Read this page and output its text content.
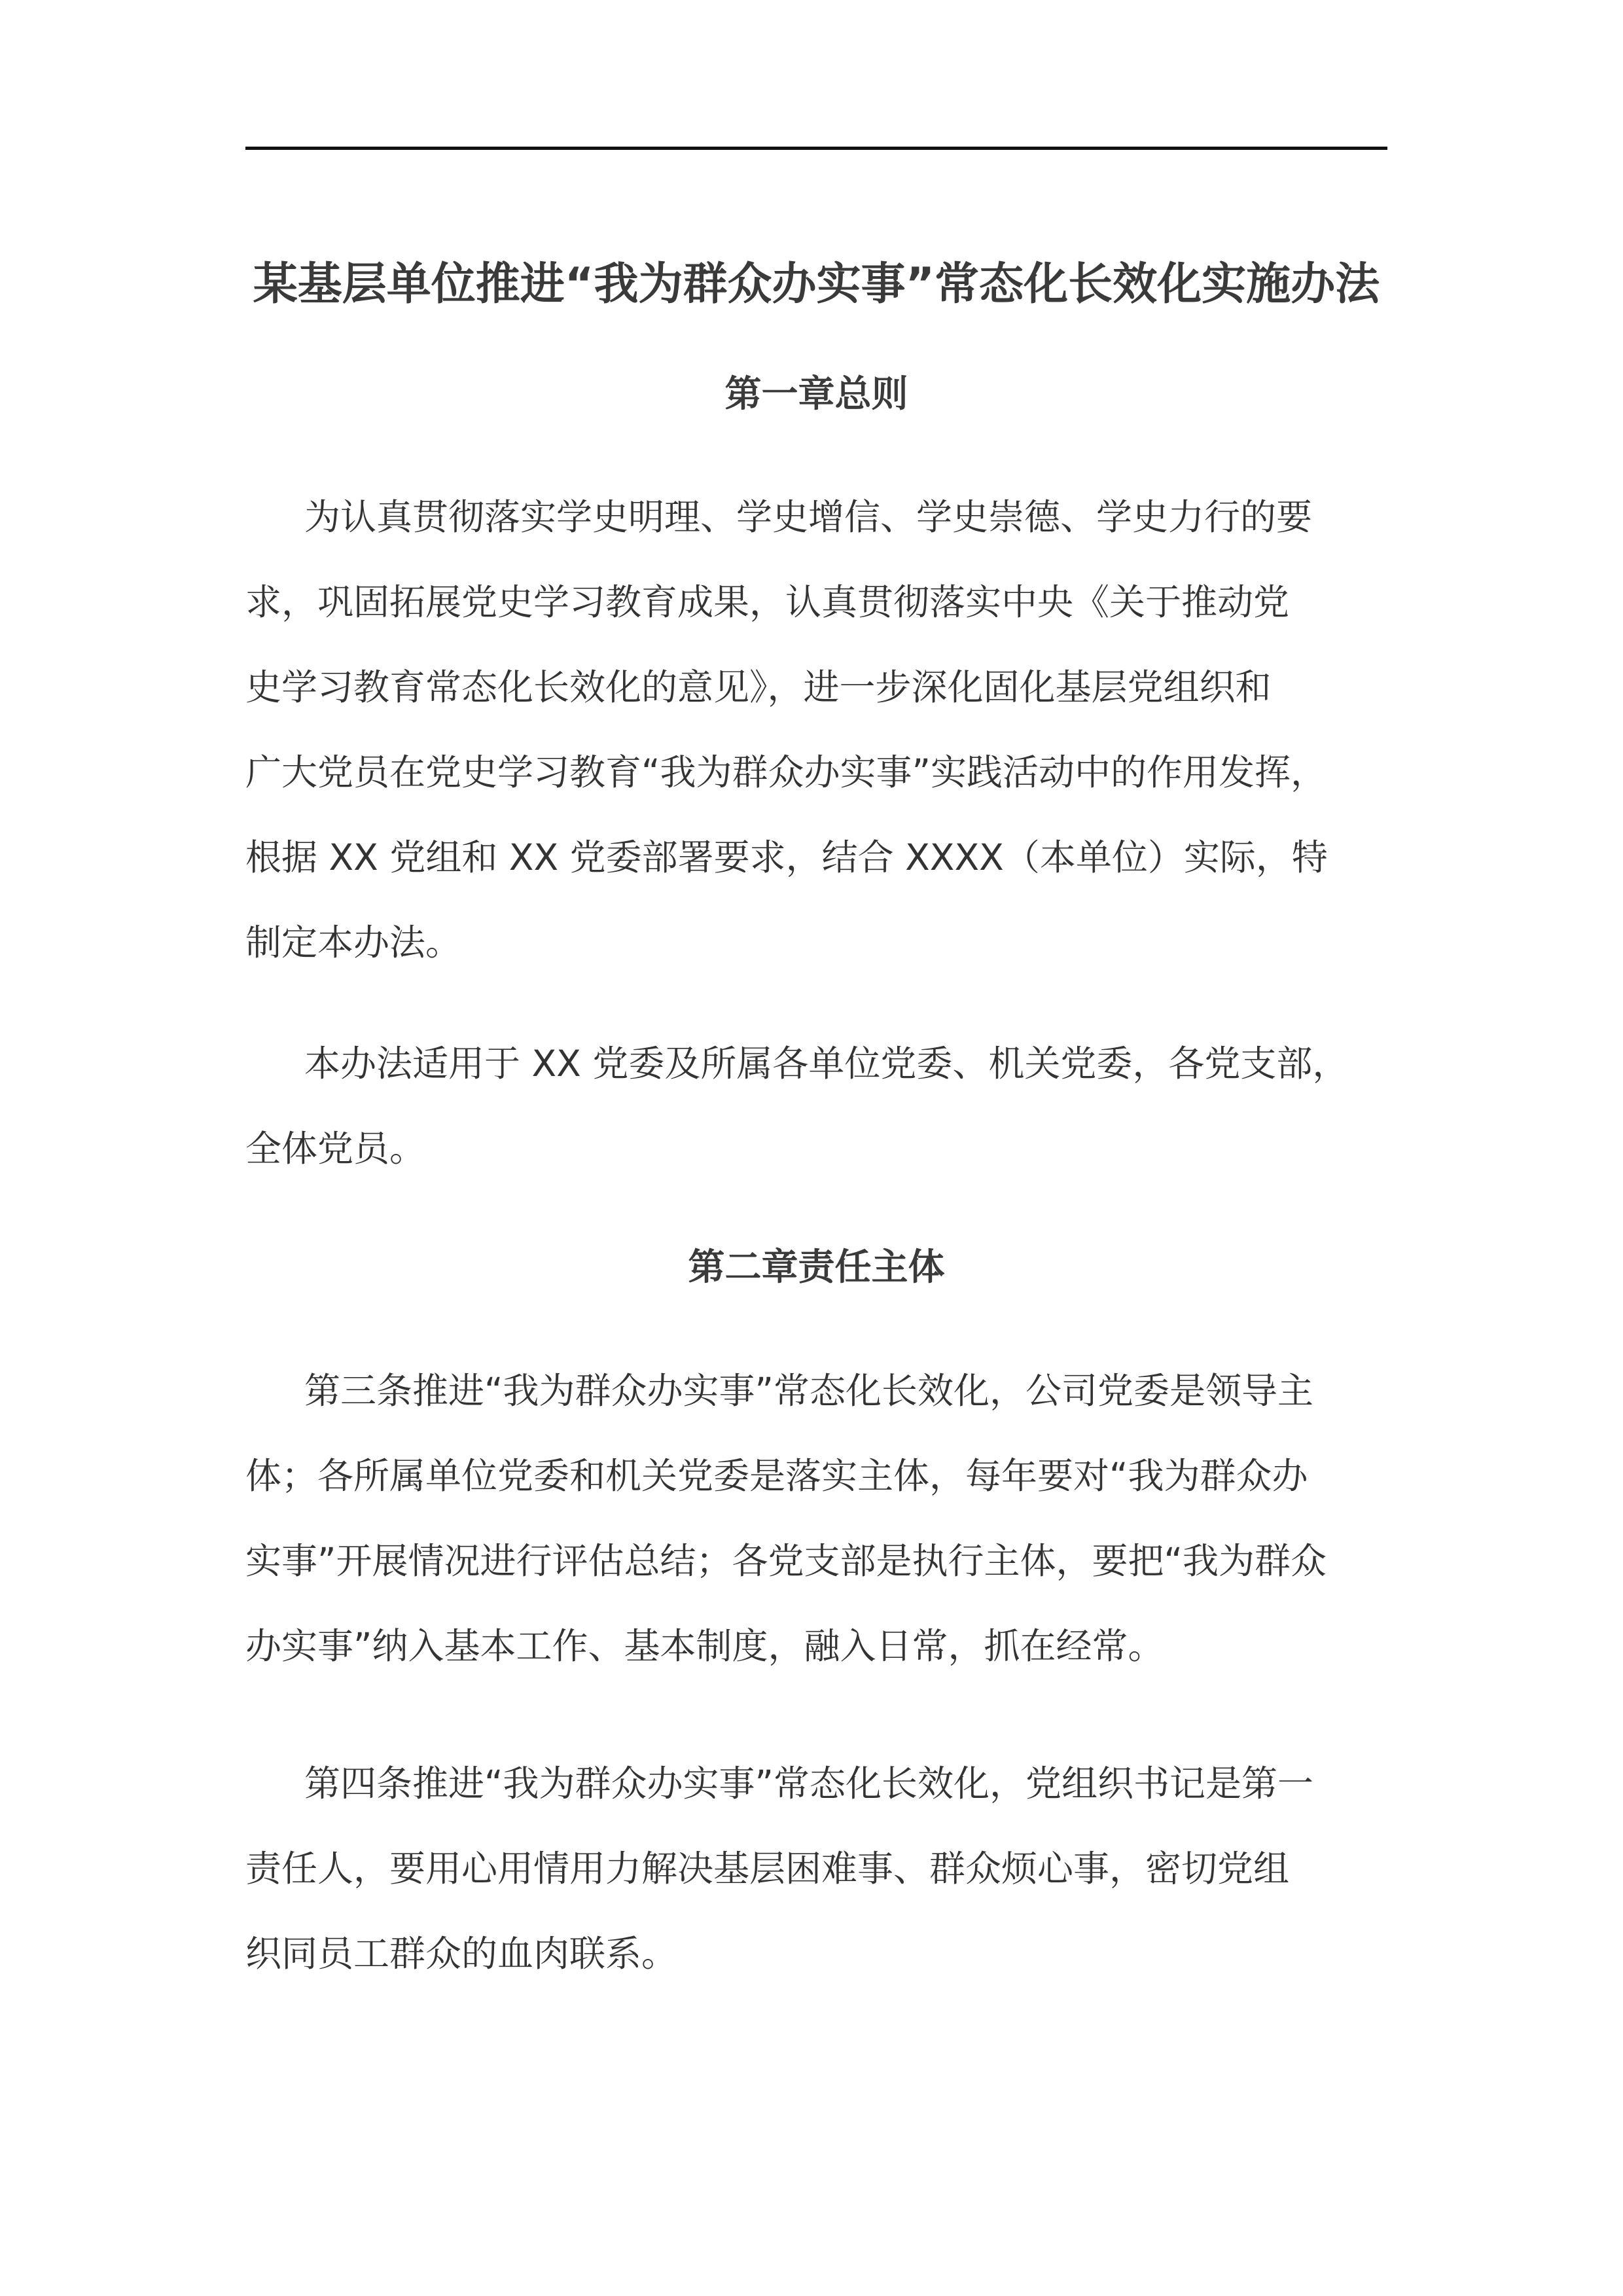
某基层单位推进“我为群众办实事”常态化长效化实施办法
第一章总则
为认真贯彻落实学史明理、学史增信、学史崇德、学史力行的要
求，巩固拓展党史学习教育成果，认真贯彻落实中央《关于推动党
史学习教育常态化长效化的意见》，进一步深化固化基层党组织和
广大党员在党史学习教育“我为群众办实事”实践活动中的作用发挥，
根据 XX 党组和 XX 党委部署要求，结合 XXXX（本单位）实际，特
制定本办法。
本办法适用于 XX 党委及所属各单位党委、机关党委，各党支部，
全体党员。
第二章责任主体
第三条推进“我为群众办实事”常态化长效化，公司党委是领导主
体；各所属单位党委和机关党委是落实主体，每年要对“我为群众办
实事”开展情况进行评估总结；各党支部是执行主体，要把“我为群众
办实事”纳入基本工作、基本制度，融入日常，抓在经常。
第四条推进“我为群众办实事”常态化长效化，党组织书记是第一
责任人，要用心用情用力解决基层困难事、群众烦心事，密切党组
织同员工群众的血肉联系。
